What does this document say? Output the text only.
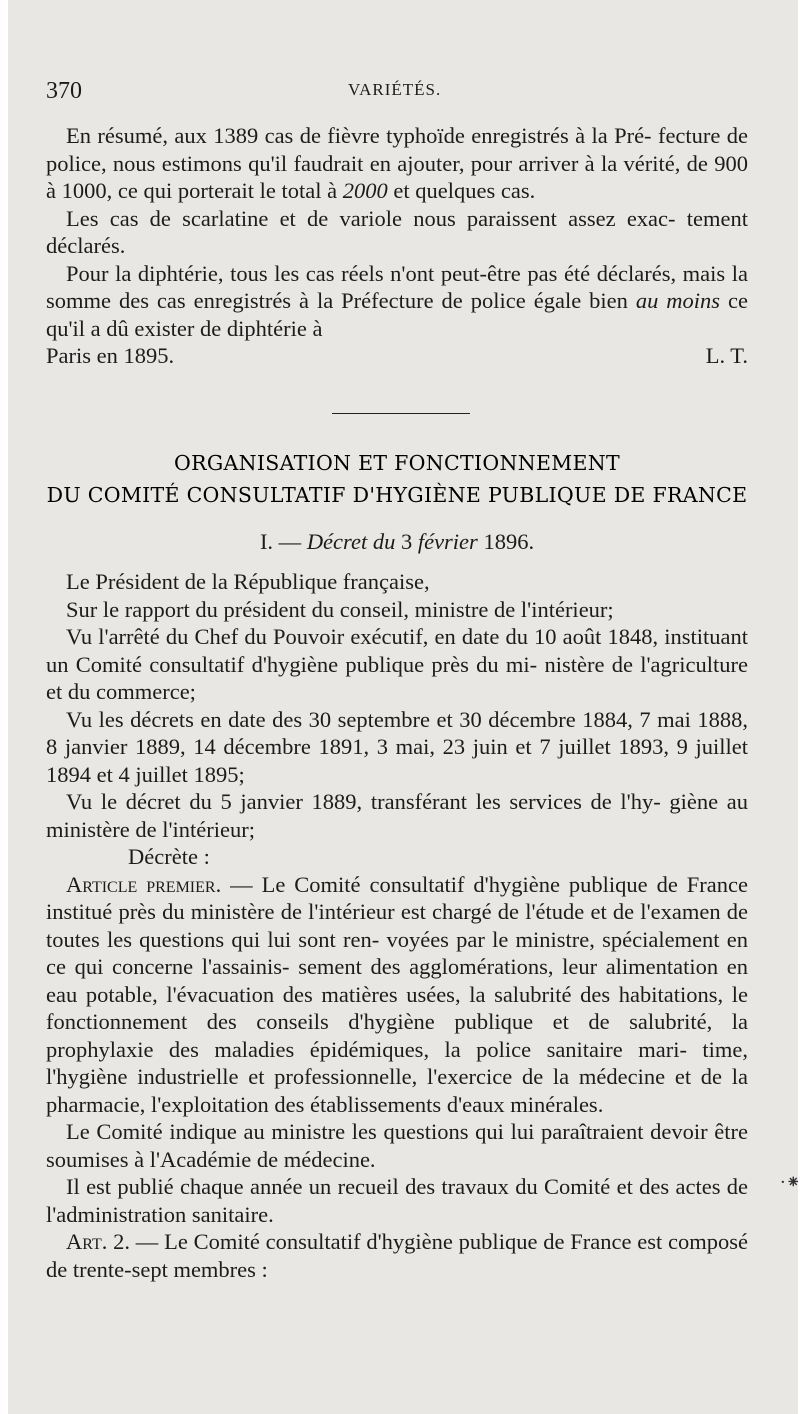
370	VARIÉTÉS.

En résumé, aux 1389 cas de fièvre typhoïde enregistrés à la Pré- fecture de police, nous estimons qu'il faudrait en ajouter, pour arriver à la vérité, de 900 à 1000, ce qui porterait le total à 2000 et quelques cas.

Les cas de scarlatine et de variole nous paraissent assez exac- tement déclarés.

Pour la diphtérie, tous les cas réels n'ont peut-être pas été déclarés, mais la somme des cas enregistrés à la Préfecture de police égale bien au moins ce qu'il a dû exister de diphtérie à

Paris en 1895.	L. T.
ORGANISATION ET FONCTIONNEMENT
DU COMITÉ CONSULTATIF D'HYGIÈNE PUBLIQUE DE FRANCE
I. — Décret du 3 février 1896.

Le Président de la République française,

Sur le rapport du président du conseil, ministre de l'intérieur;

Vu l'arrêté du Chef du Pouvoir exécutif, en date du 10 août 1848, instituant un Comité consultatif d'hygiène publique près du mi- nistère de l'agriculture et du commerce;

Vu les décrets en date des 30 septembre et 30 décembre 1884, 7 mai 1888, 8 janvier 1889, 14 décembre 1891, 3 mai, 23 juin et 7 juillet 1893, 9 juillet 1894 et 4 juillet 1895;

Vu le décret du 5 janvier 1889, transférant les services de l'hy- giène au ministère de l'intérieur;

Décrète :

Article premier. — Le Comité consultatif d'hygiène publique de France institué près du ministère de l'intérieur est chargé de l'étude et de l'examen de toutes les questions qui lui sont ren- voyées par le ministre, spécialement en ce qui concerne l'assainis- sement des agglomérations, leur alimentation en eau potable, l'évacuation des matières usées, la salubrité des habitations, le fonctionnement des conseils d'hygiène publique et de salubrité, la prophylaxie des maladies épidémiques, la police sanitaire mari- time, l'hygiène industrielle et professionnelle, l'exercice de la médecine et de la pharmacie, l'exploitation des établissements d'eaux minérales.

Le Comité indique au ministre les questions qui lui paraîtraient devoir être soumises à l'Académie de médecine.

Il est publié chaque année un recueil des travaux du Comité et des actes de l'administration sanitaire.

Art. 2. — Le Comité consultatif d'hygiène publique de France est composé de trente-sept membres :

·⁕
